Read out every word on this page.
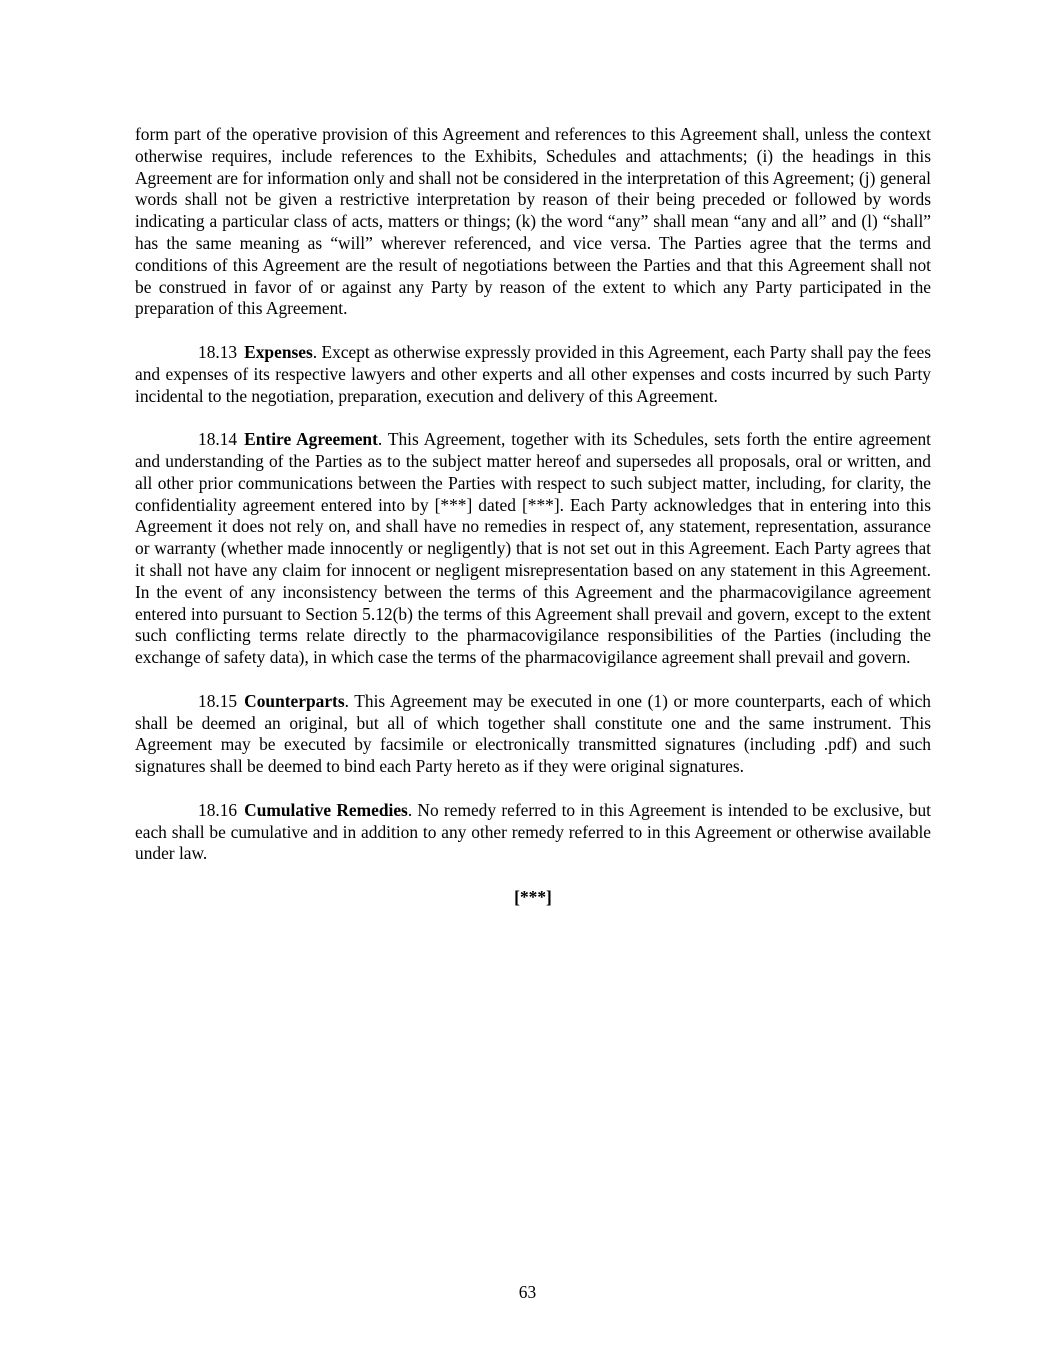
form part of the operative provision of this Agreement and references to this Agreement shall, unless the context otherwise requires, include references to the Exhibits, Schedules and attachments; (i) the headings in this Agreement are for information only and shall not be considered in the interpretation of this Agreement; (j) general words shall not be given a restrictive interpretation by reason of their being preceded or followed by words indicating a particular class of acts, matters or things; (k) the word “any” shall mean “any and all” and (l) “shall” has the same meaning as “will” wherever referenced, and vice versa. The Parties agree that the terms and conditions of this Agreement are the result of negotiations between the Parties and that this Agreement shall not be construed in favor of or against any Party by reason of the extent to which any Party participated in the preparation of this Agreement.

18.13 Expenses. Except as otherwise expressly provided in this Agreement, each Party shall pay the fees and expenses of its respective lawyers and other experts and all other expenses and costs incurred by such Party incidental to the negotiation, preparation, execution and delivery of this Agreement.

18.14 Entire Agreement. This Agreement, together with its Schedules, sets forth the entire agreement and understanding of the Parties as to the subject matter hereof and supersedes all proposals, oral or written, and all other prior communications between the Parties with respect to such subject matter, including, for clarity, the confidentiality agreement entered into by [***] dated [***]. Each Party acknowledges that in entering into this Agreement it does not rely on, and shall have no remedies in respect of, any statement, representation, assurance or warranty (whether made innocently or negligently) that is not set out in this Agreement. Each Party agrees that it shall not have any claim for innocent or negligent misrepresentation based on any statement in this Agreement. In the event of any inconsistency between the terms of this Agreement and the pharmacovigilance agreement entered into pursuant to Section 5.12(b) the terms of this Agreement shall prevail and govern, except to the extent such conflicting terms relate directly to the pharmacovigilance responsibilities of the Parties (including the exchange of safety data), in which case the terms of the pharmacovigilance agreement shall prevail and govern.

18.15 Counterparts. This Agreement may be executed in one (1) or more counterparts, each of which shall be deemed an original, but all of which together shall constitute one and the same instrument. This Agreement may be executed by facsimile or electronically transmitted signatures (including .pdf) and such signatures shall be deemed to bind each Party hereto as if they were original signatures.

18.16 Cumulative Remedies. No remedy referred to in this Agreement is intended to be exclusive, but each shall be cumulative and in addition to any other remedy referred to in this Agreement or otherwise available under law.

[***]

63
